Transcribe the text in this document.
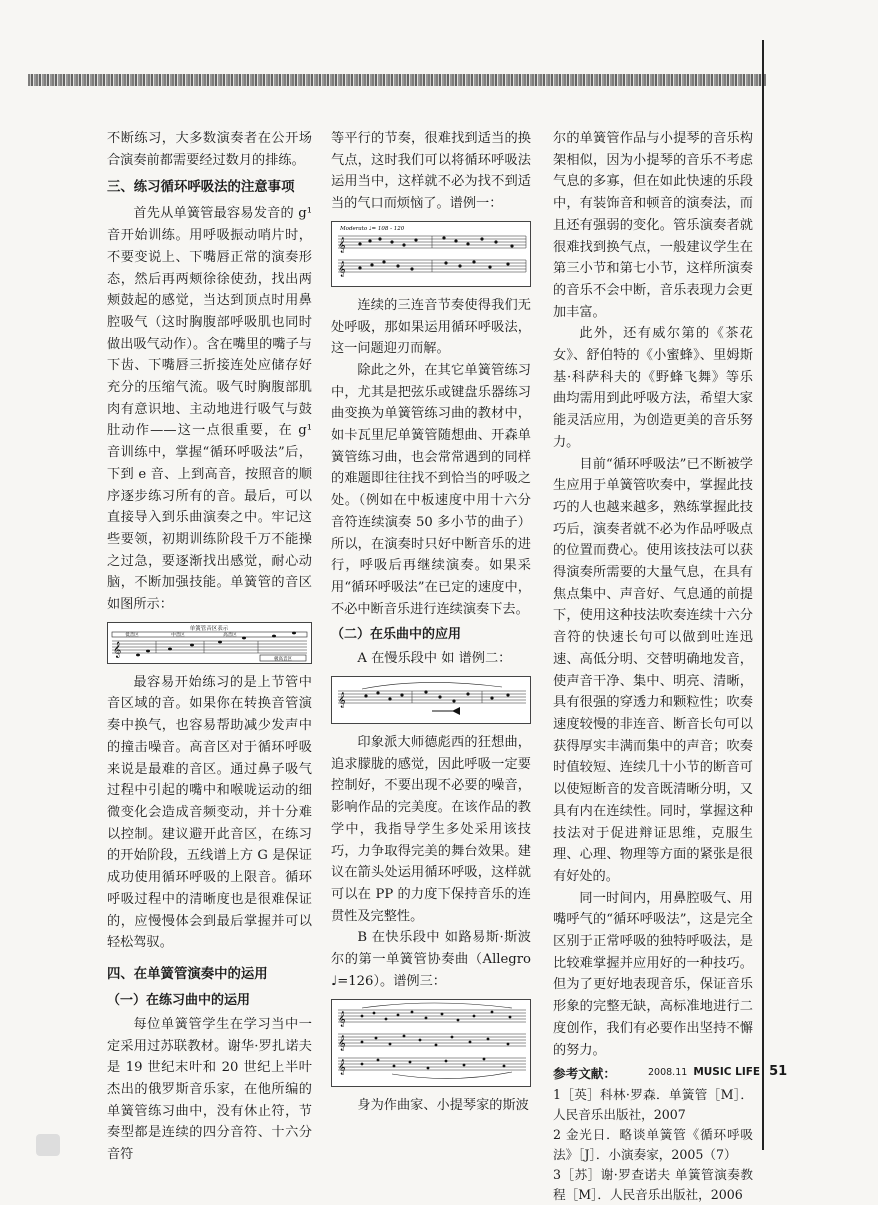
不断练习，大多数演奏者在公开场合演奏前都需要经过数月的排练。

三、练习循环呼吸法的注意事项

首先从单簧管最容易发音的 g¹ 音开始训练。用呼吸振动哨片时，不要变说上、下嘴唇正常的演奏形态，然后再两颊徐徐使劲，找出两颊鼓起的感觉，当达到顶点时用鼻腔吸气（这时胸腹部呼吸肌也同时做出吸气动作）。含在嘴里的嘴子与下齿、下嘴唇三折接连处应储存好充分的压缩气流。吸气时胸腹部肌肉有意识地、主动地进行吸气与鼓肚动作——这一点很重要，在 g¹ 音训练中，掌握“循环呼吸法”后，下到 e 音、上到高音，按照音的顺序逐步练习所有的音。最后，可以直接导入到乐曲演奏之中。牢记这些要领，初期训练阶段千万不能操之过急，要逐渐找出感觉，耐心动脑，不断加强技能。单簧管的音区如图所示：

单簧管音区表示
低音区	中音区	高音区
𝄞
极高音区

最容易开始练习的是上节管中音区域的音。如果你在转换音管演奏中换气，也容易帮助减少发声中的撞击噪音。高音区对于循环呼吸来说是最难的音区。通过鼻子吸气过程中引起的嘴中和喉咙运动的细微变化会造成音频变动，并十分难以控制。建议避开此音区，在练习的开始阶段，五线谱上方 G 是保证成功使用循环呼吸的上限音。循环呼吸过程中的清晰度也是很难保证的，应慢慢体会到最后掌握并可以轻松驾驭。

四、在单簧管演奏中的运用
（一）在练习曲中的运用

每位单簧管学生在学习当中一定采用过苏联教材。谢华·罗扎诺夫是 19 世纪末叶和 20 世纪上半叶杰出的俄罗斯音乐家，在他所编的单簧管练习曲中，没有休止符，节奏型都是连续的四分音符、十六分音符

等平行的节奏，很难找到适当的换气点，这时我们可以将循环呼吸法运用当中，这样就不必为找不到适当的气口而烦恼了。谱例一：

Moderato ♩= 108 - 120
𝄞
𝄞

连续的三连音节奏使得我们无处呼吸，那如果运用循环呼吸法，这一问题迎刃而解。

除此之外，在其它单簧管练习中，尤其是把弦乐或键盘乐器练习曲变换为单簧管练习曲的教材中，如卡瓦里尼单簧管随想曲、开森单簧管练习曲，也会常常遇到的同样的难题即往往找不到恰当的呼吸之处。（例如在中板速度中用十六分音符连续演奏 50 多小节的曲子）所以，在演奏时只好中断音乐的进行，呼吸后再继续演奏。如果采用“循环呼吸法”在已定的速度中，不必中断音乐进行连续演奏下去。

（二）在乐曲中的应用

A 在慢乐段中 如 谱例二：

𝄞

印象派大师德彪西的狂想曲，追求朦胧的感觉，因此呼吸一定要控制好，不要出现不必要的噪音，影响作品的完美度。在该作品的教学中，我指导学生多处采用该技巧，力争取得完美的舞台效果。建议在箭头处运用循环呼吸，这样就可以在 PP 的力度下保持音乐的连贯性及完整性。

B 在快乐段中 如路易斯·斯波尔的第一单簧管协奏曲（Allegro ♩=126）。谱例三：

𝄞
𝄞
𝄞

身为作曲家、小提琴家的斯波

尔的单簧管作品与小提琴的音乐构架相似，因为小提琴的音乐不考虑气息的多寡，但在如此快速的乐段中，有装饰音和顿音的演奏法，而且还有强弱的变化。管乐演奏者就很难找到换气点，一般建议学生在第三小节和第七小节，这样所演奏的音乐不会中断，音乐表现力会更加丰富。

此外，还有威尔第的《茶花女》、舒伯特的《小蜜蜂》、里姆斯基·科萨科夫的《野蜂飞舞》等乐曲均需用到此呼吸方法，希望大家能灵活应用，为创造更美的音乐努力。

目前“循环呼吸法”已不断被学生应用于单簧管吹奏中，掌握此技巧的人也越来越多，熟练掌握此技巧后，演奏者就不必为作品呼吸点的位置而费心。使用该技法可以获得演奏所需要的大量气息，在具有焦点集中、声音好、气息通的前提下，使用这种技法吹奏连续十六分音符的快速长句可以做到吐连迅速、高低分明、交替明确地发音，使声音干净、集中、明亮、清晰，具有很强的穿透力和颗粒性；吹奏速度较慢的非连音、断音长句可以获得厚实丰满而集中的声音；吹奏时值较短、连续几十小节的断音可以使短断音的发音既清晰分明，又具有内在连续性。同时，掌握这种技法对于促进辩证思维，克服生理、心理、物理等方面的紧张是很有好处的。

同一时间内，用鼻腔吸气、用嘴呼气的“循环呼吸法”，这是完全区别于正常呼吸的独特呼吸法，是比较难掌握并应用好的一种技巧。但为了更好地表现音乐，保证音乐形象的完整无缺，高标准地进行二度创作，我们有必要作出坚持不懈的努力。

参考文献：

1［英］科林·罗森．单簧管［M］．人民音乐出版社，2007

2 金光日．略谈单簧管《循环呼吸法》［J］．小演奏家，2005（7）

3［苏］谢·罗查诺夫 单簧管演奏教程［M］．人民音乐出版社，2006

2008.11 MUSIC LIFE 51
